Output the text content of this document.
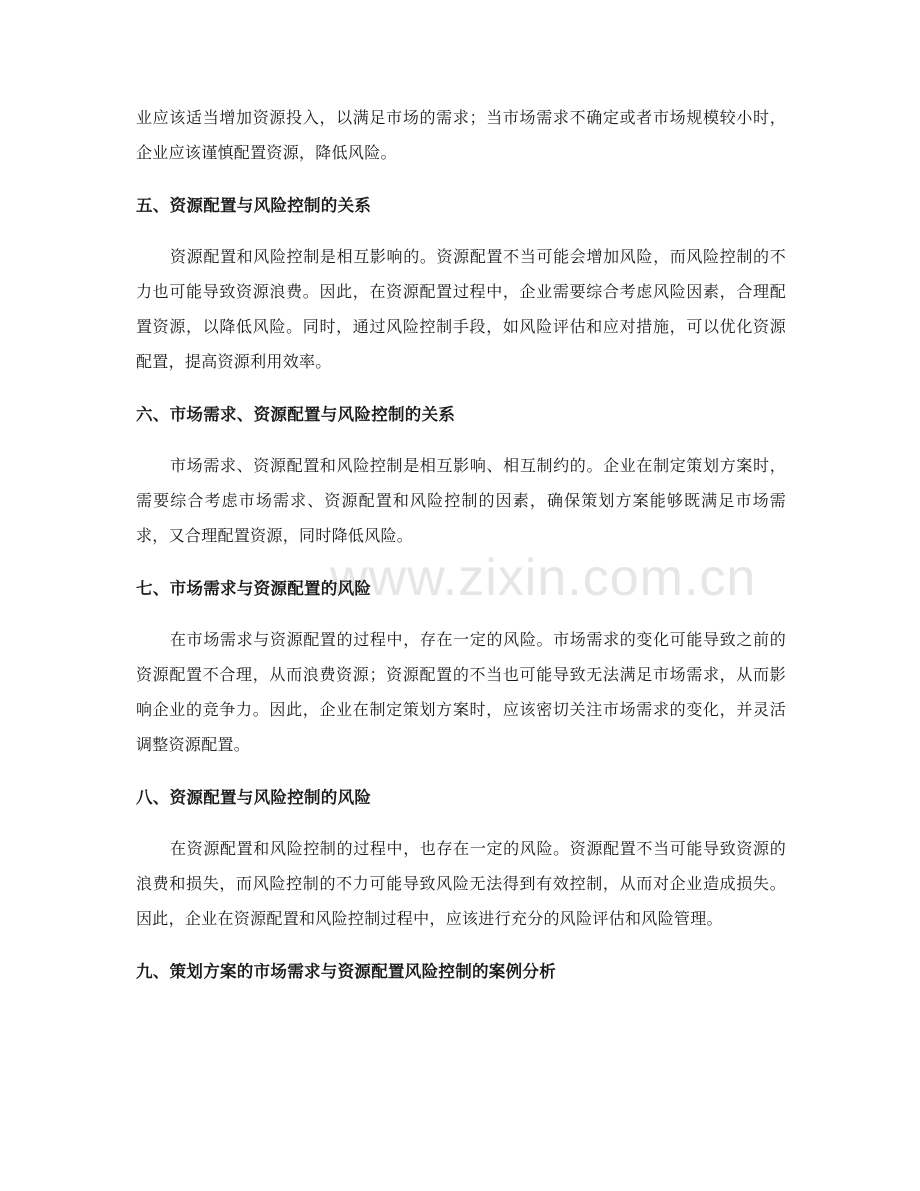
www.zixin.com.cn

业应该适当增加资源投入，以满足市场的需求；当市场需求不确定或者市场规模较小时，企业应该谨慎配置资源，降低风险。

五、资源配置与风险控制的关系

资源配置和风险控制是相互影响的。资源配置不当可能会增加风险，而风险控制的不力也可能导致资源浪费。因此，在资源配置过程中，企业需要综合考虑风险因素，合理配置资源，以降低风险。同时，通过风险控制手段，如风险评估和应对措施，可以优化资源配置，提高资源利用效率。

六、市场需求、资源配置与风险控制的关系

市场需求、资源配置和风险控制是相互影响、相互制约的。企业在制定策划方案时，需要综合考虑市场需求、资源配置和风险控制的因素，确保策划方案能够既满足市场需求，又合理配置资源，同时降低风险。

七、市场需求与资源配置的风险

在市场需求与资源配置的过程中，存在一定的风险。市场需求的变化可能导致之前的资源配置不合理，从而浪费资源；资源配置的不当也可能导致无法满足市场需求，从而影响企业的竞争力。因此，企业在制定策划方案时，应该密切关注市场需求的变化，并灵活调整资源配置。

八、资源配置与风险控制的风险

在资源配置和风险控制的过程中，也存在一定的风险。资源配置不当可能导致资源的浪费和损失，而风险控制的不力可能导致风险无法得到有效控制，从而对企业造成损失。因此，企业在资源配置和风险控制过程中，应该进行充分的风险评估和风险管理。

九、策划方案的市场需求与资源配置风险控制的案例分析
